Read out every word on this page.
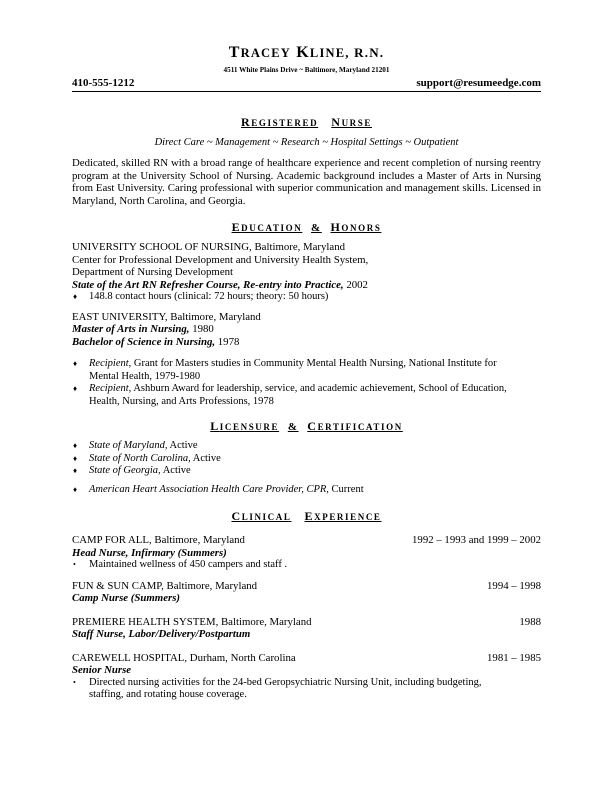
TRACEY KLINE, R.N.
4511 White Plains Drive ~ Baltimore, Maryland 21201
410-555-1212	support@resumeedge.com
REGISTERED NURSE
Direct Care ~ Management ~ Research ~ Hospital Settings ~ Outpatient
Dedicated, skilled RN with a broad range of healthcare experience and recent completion of nursing reentry program at the University School of Nursing. Academic background includes a Master of Arts in Nursing from East University. Caring professional with superior communication and management skills. Licensed in Maryland, North Carolina, and Georgia.
EDUCATION & HONORS
UNIVERSITY SCHOOL OF NURSING, Baltimore, Maryland
Center for Professional Development and University Health System,
Department of Nursing Development
State of the Art RN Refresher Course, Re-entry into Practice, 2002
♦ 148.8 contact hours (clinical: 72 hours; theory: 50 hours)
EAST UNIVERSITY, Baltimore, Maryland
Master of Arts in Nursing, 1980
Bachelor of Science in Nursing, 1978
♦ Recipient, Grant for Masters studies in Community Mental Health Nursing, National Institute for
Mental Health, 1979-1980
♦ Recipient, Ashburn Award for leadership, service, and academic achievement, School of Education,
Health, Nursing, and Arts Professions, 1978
LICENSURE & CERTIFICATION
♦ State of Maryland, Active
♦ State of North Carolina, Active
♦ State of Georgia, Active
♦ American Heart Association Health Care Provider, CPR, Current
CLINICAL EXPERIENCE
CAMP FOR ALL, Baltimore, Maryland	1992 – 1993 and 1999 – 2002
Head Nurse, Infirmary (Summers)
• Maintained wellness of 450 campers and staff .
FUN & SUN CAMP, Baltimore, Maryland	1994 – 1998
Camp Nurse (Summers)
PREMIERE HEALTH SYSTEM, Baltimore, Maryland	1988
Staff Nurse, Labor/Delivery/Postpartum
CAREWELL HOSPITAL, Durham, North Carolina	1981 – 1985
Senior Nurse
• Directed nursing activities for the 24-bed Geropsychiatric Nursing Unit, including budgeting,
staffing, and rotating house coverage.
